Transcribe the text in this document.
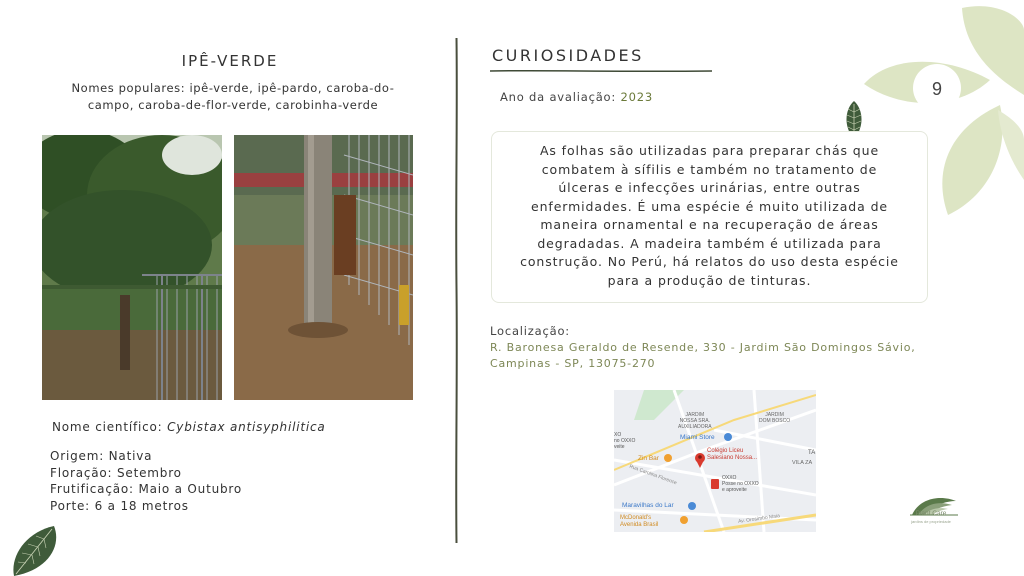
9
IPÊ-VERDE
Nomes populares: ipê-verde, ipê-pardo, caroba-do-
campo, caroba-de-flor-verde, carobinha-verde
Nome científico: Cybistax antisyphilitica
Origem: Nativa
Floração: Setembro
Frutificação: Maio a Outubro
Porte: 6 a 18 metros
CURIOSIDADES
Ano da avaliação: 2023
As folhas são utilizadas para preparar chás que
combatem à sífilis e também no tratamento de
úlceras e infecções urinárias, entre outras
enfermidades. É uma espécie é muito utilizada de
maneira ornamental e na recuperação de áreas
degradadas. A madeira também é utilizada para
construção. No Perú, há relatos do uso desta espécie
para a produção de tinturas.
Localização:
R. Baronesa Geraldo de Resende, 330 - Jardim São Domingos Sávio,
Campinas - SP, 13075-270
JARDIM
NOSSA SRA.
AUXILIADORA
JARDIM
DOM BOSCO
Miami Store
Zin Bar
Colégio Liceu
Salesiano Nossa...
OXXO
Posse no OXXO
e aproveite
Maravilhas do Lar
McDonald's
Avenida Brasil
VILA ZA
XO
no OXXO
veite
TA
Rua Carolina Florence
Av. Orosimbo Maia	Plant Care
jardins de propriedade
